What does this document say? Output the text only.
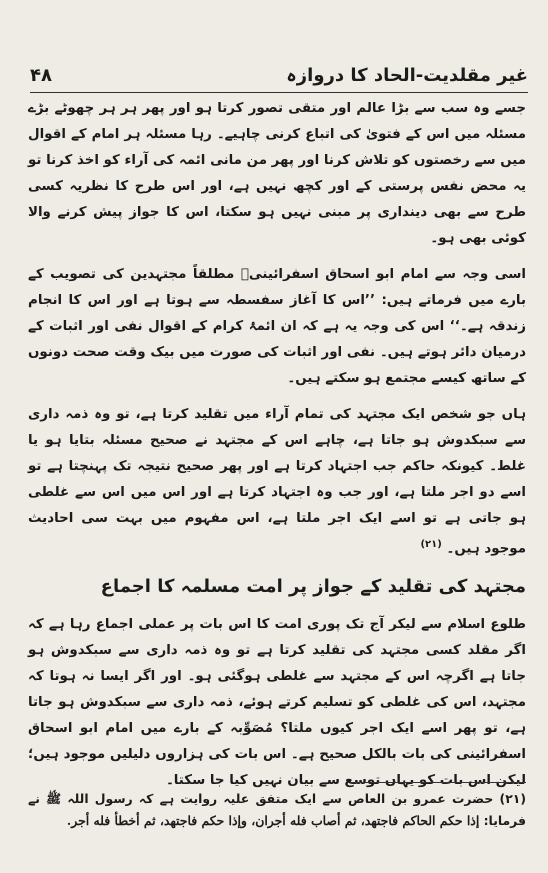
۴۸	غیر مقلدیت-الحاد کا دروازہ

جسے وہ سب سے بڑا عالم اور متقی تصور کرتا ہو اور پھر ہر ہر چھوٹے بڑے مسئلہ میں اس کے فتویٰ کی اتباع کرنی چاہیے۔ رہا مسئلہ ہر امام کے اقوال میں سے رخصتوں کو تلاش کرنا اور پھر من مانی ائمہ کی آراء کو اخذ کرنا تو یہ محض نفس پرستی کے اور کچھ نہیں ہے، اور اس طرح کا نظریہ کسی طرح سے بھی دینداری پر مبنی نہیں ہو سکتا، اس کا جواز پیش کرنے والا کوئی بھی ہو۔

اسی وجہ سے امام ابو اسحاق اسفرائینیؒ مطلقاً مجتہدین کی تصویب کے بارے میں فرماتے ہیں: ’’اس کا آغاز سفسطہ سے ہوتا ہے اور اس کا انجام زندقہ ہے۔‘‘ اس کی وجہ یہ ہے کہ ان ائمۂ کرام کے اقوال نفی اور اثبات کے درمیان دائر ہوتے ہیں۔ نفی اور اثبات کی صورت میں بیک وقت صحت دونوں کے ساتھ کیسے مجتمع ہو سکتے ہیں۔

ہاں جو شخص ایک مجتہد کی تمام آراء میں تقلید کرتا ہے، تو وہ ذمہ داری سے سبکدوش ہو جاتا ہے، چاہے اس کے مجتہد نے صحیح مسئلہ بتایا ہو یا غلط۔ کیونکہ حاکم جب اجتہاد کرتا ہے اور پھر صحیح نتیجہ تک پہنچتا ہے تو اسے دو اجر ملتا ہے، اور جب وہ اجتہاد کرتا ہے اور اس میں اس سے غلطی ہو جاتی ہے تو اسے ایک اجر ملتا ہے، اس مفہوم میں بہت سی احادیث موجود ہیں۔ $^{(۲۱)}$

مجتہد کی تقلید کے جواز پر امت مسلمہ کا اجماع

طلوع اسلام سے لیکر آج تک پوری امت کا اس بات پر عملی اجماع رہا ہے کہ اگر مقلد کسی مجتہد کی تقلید کرتا ہے تو وہ ذمہ داری سے سبکدوش ہو جاتا ہے اگرچہ اس کے مجتہد سے غلطی ہوگئی ہو۔ اور اگر ایسا نہ ہوتا کہ مجتہد، اس کی غلطی کو تسلیم کرتے ہوئے، ذمہ داری سے سبکدوش ہو جاتا ہے، تو پھر اسے ایک اجر کیوں ملتا؟ مُصَوِّبہ کے بارے میں امام ابو اسحاق اسفرائینی کی بات بالکل صحیح ہے۔ اس بات کی ہزاروں دلیلیں موجود ہیں؛ لیکن اس بات کو یہاں توسع سے بیان نہیں کیا جا سکتا۔

(۲۱) حضرت عمرو بن العاص سے ایک متفق علیہ روایت ہے کہ رسول اللہ ﷺ نے فرمایا: إذا حكم الحاكم فاجتهد، ثم أصاب فله أجران، وإذا حكم فاجتهد، ثم أخطأ فله أجر.
